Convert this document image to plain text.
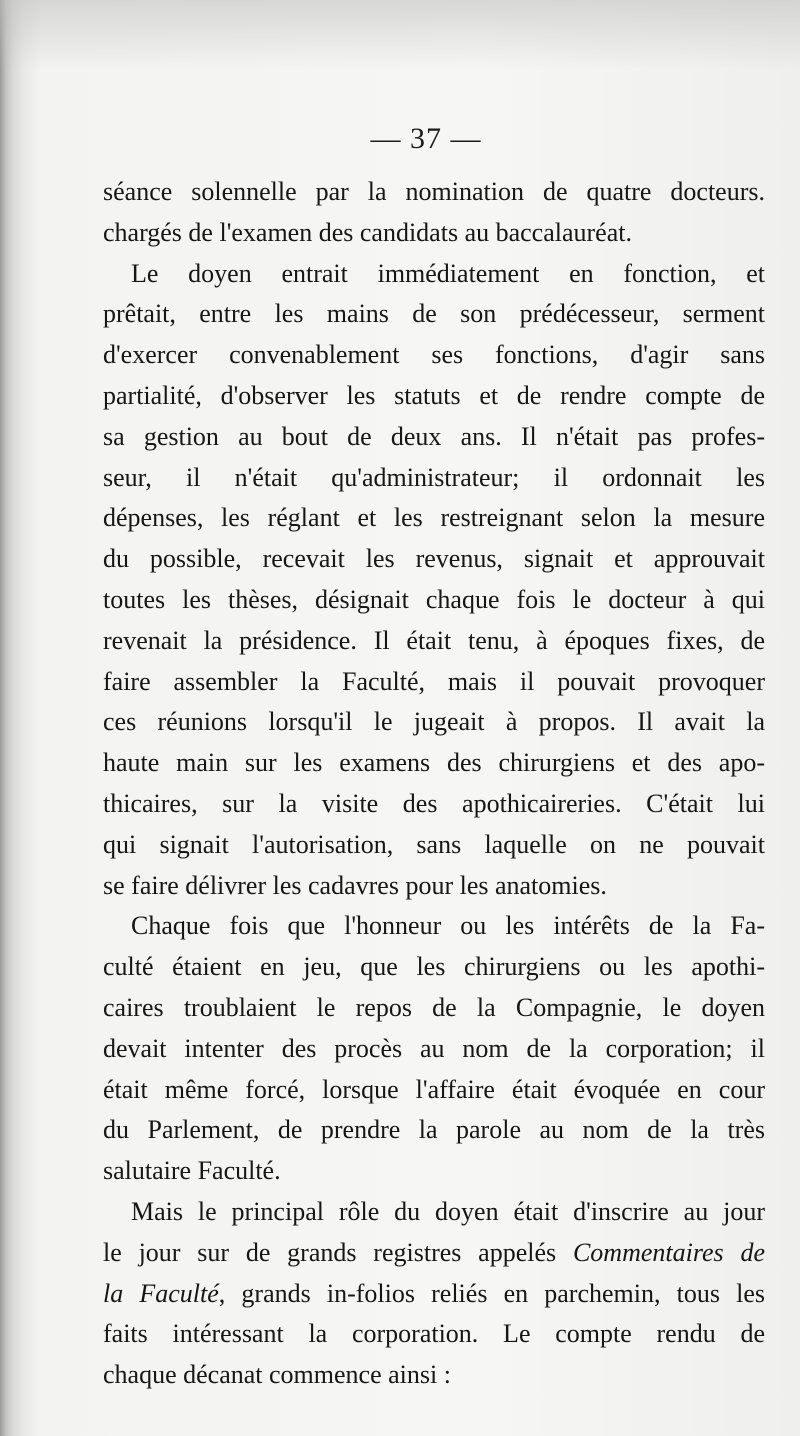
— 37 —
séance solennelle par la nomination de quatre docteurs.
chargés de l'examen des candidats au baccalauréat.
Le doyen entrait immédiatement en fonction, et
prêtait, entre les mains de son prédécesseur, serment
d'exercer convenablement ses fonctions, d'agir sans
partialité, d'observer les statuts et de rendre compte de
sa gestion au bout de deux ans. Il n'était pas profes-
seur, il n'était qu'administrateur; il ordonnait les
dépenses, les réglant et les restreignant selon la mesure
du possible, recevait les revenus, signait et approuvait
toutes les thèses, désignait chaque fois le docteur à qui
revenait la présidence. Il était tenu, à époques fixes, de
faire assembler la Faculté, mais il pouvait provoquer
ces réunions lorsqu'il le jugeait à propos. Il avait la
haute main sur les examens des chirurgiens et des apo-
thicaires, sur la visite des apothicaireries. C'était lui
qui signait l'autorisation, sans laquelle on ne pouvait
se faire délivrer les cadavres pour les anatomies.
Chaque fois que l'honneur ou les intérêts de la Fa-
culté étaient en jeu, que les chirurgiens ou les apothi-
caires troublaient le repos de la Compagnie, le doyen
devait intenter des procès au nom de la corporation; il
était même forcé, lorsque l'affaire était évoquée en cour
du Parlement, de prendre la parole au nom de la très
salutaire Faculté.
Mais le principal rôle du doyen était d'inscrire au jour
le jour sur de grands registres appelés Commentaires de
la Faculté, grands in-folios reliés en parchemin, tous les
faits intéressant la corporation. Le compte rendu de
chaque décanat commence ainsi :
